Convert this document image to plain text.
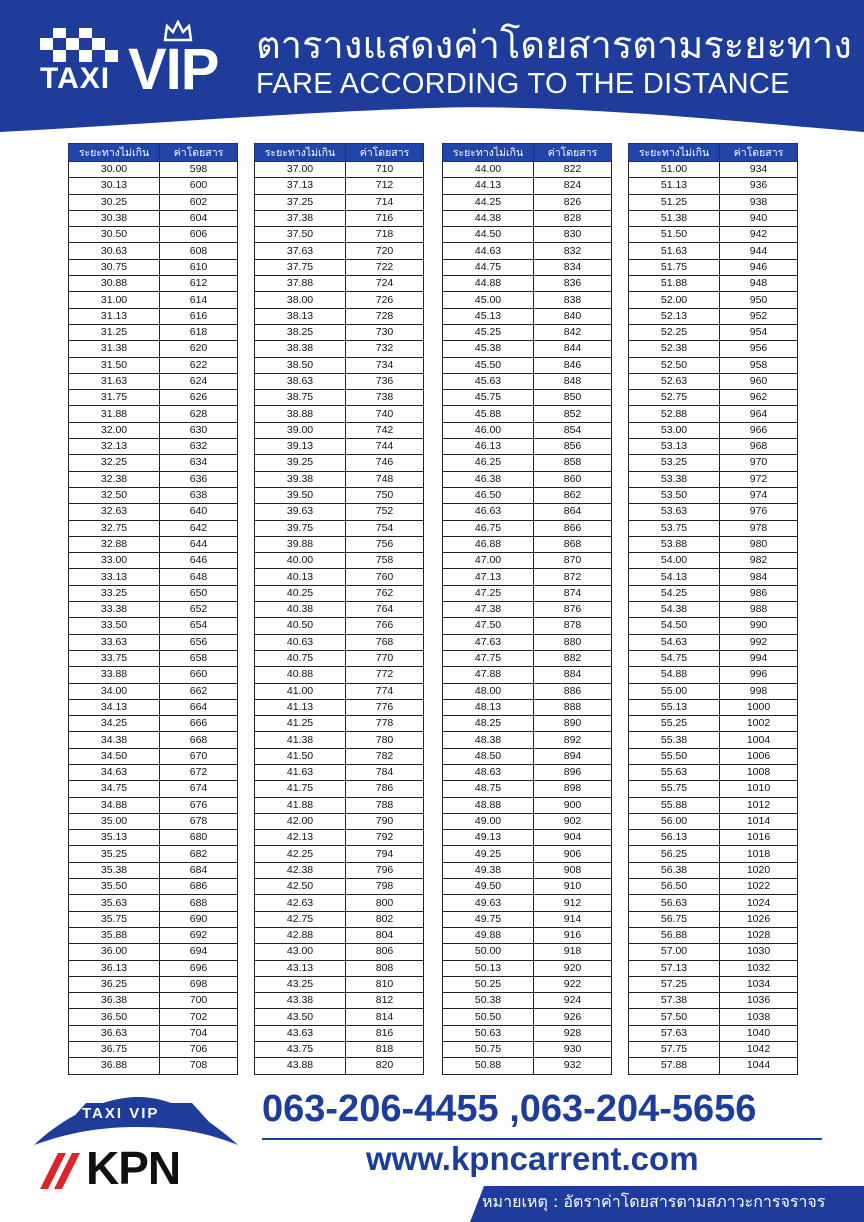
TAXI VIP ตารางแสดงค่าโดยสารตามระยะทาง
FARE ACCORDING TO THE DISTANCE
ระยะทางไม่เกิน	ค่าโดยสาร
30.00	598
30.13	600
30.25	602
30.38	604
30.50	606
30.63	608
30.75	610
30.88	612
31.00	614
31.13	616
31.25	618
31.38	620
31.50	622
31.63	624
31.75	626
31.88	628
32.00	630
32.13	632
32.25	634
32.38	636
32.50	638
32.63	640
32.75	642
32.88	644
33.00	646
33.13	648
33.25	650
33.38	652
33.50	654
33.63	656
33.75	658
33.88	660
34.00	662
34.13	664
34.25	666
34.38	668
34.50	670
34.63	672
34.75	674
34.88	676
35.00	678
35.13	680
35.25	682
35.38	684
35.50	686
35.63	688
35.75	690
35.88	692
36.00	694
36.13	696
36.25	698
36.38	700
36.50	702
36.63	704
36.75	706
36.88	708
ระยะทางไม่เกิน	ค่าโดยสาร
37.00	710
37.13	712
37.25	714
37.38	716
37.50	718
37.63	720
37.75	722
37.88	724
38.00	726
38.13	728
38.25	730
38.38	732
38.50	734
38.63	736
38.75	738
38.88	740
39.00	742
39.13	744
39.25	746
39.38	748
39.50	750
39.63	752
39.75	754
39.88	756
40.00	758
40.13	760
40.25	762
40.38	764
40.50	766
40.63	768
40.75	770
40.88	772
41.00	774
41.13	776
41.25	778
41.38	780
41.50	782
41.63	784
41.75	786
41.88	788
42.00	790
42.13	792
42.25	794
42.38	796
42.50	798
42.63	800
42.75	802
42.88	804
43.00	806
43.13	808
43.25	810
43.38	812
43.50	814
43.63	816
43.75	818
43.88	820
ระยะทางไม่เกิน	ค่าโดยสาร
44.00	822
44.13	824
44.25	826
44.38	828
44.50	830
44.63	832
44.75	834
44.88	836
45.00	838
45.13	840
45.25	842
45.38	844
45.50	846
45.63	848
45.75	850
45.88	852
46.00	854
46.13	856
46.25	858
46.38	860
46.50	862
46.63	864
46.75	866
46.88	868
47.00	870
47.13	872
47.25	874
47.38	876
47.50	878
47.63	880
47.75	882
47.88	884
48.00	886
48.13	888
48.25	890
48.38	892
48.50	894
48.63	896
48.75	898
48.88	900
49.00	902
49.13	904
49.25	906
49.38	908
49.50	910
49.63	912
49.75	914
49.88	916
50.00	918
50.13	920
50.25	922
50.38	924
50.50	926
50.63	928
50.75	930
50.88	932
ระยะทางไม่เกิน	ค่าโดยสาร
51.00	934
51.13	936
51.25	938
51.38	940
51.50	942
51.63	944
51.75	946
51.88	948
52.00	950
52.13	952
52.25	954
52.38	956
52.50	958
52.63	960
52.75	962
52.88	964
53.00	966
53.13	968
53.25	970
53.38	972
53.50	974
53.63	976
53.75	978
53.88	980
54.00	982
54.13	984
54.25	986
54.38	988
54.50	990
54.63	992
54.75	994
54.88	996
55.00	998
55.13	1000
55.25	1002
55.38	1004
55.50	1006
55.63	1008
55.75	1010
55.88	1012
56.00	1014
56.13	1016
56.25	1018
56.38	1020
56.50	1022
56.63	1024
56.75	1026
56.88	1028
57.00	1030
57.13	1032
57.25	1034
57.38	1036
57.50	1038
57.63	1040
57.75	1042
57.88	1044
TAXI VIP
KPN
063-206-4455 ,063-204-5656
www.kpncarrent.com
หมายเหตุ : อัตราค่าโดยสารตามสภาวะการจราจร
